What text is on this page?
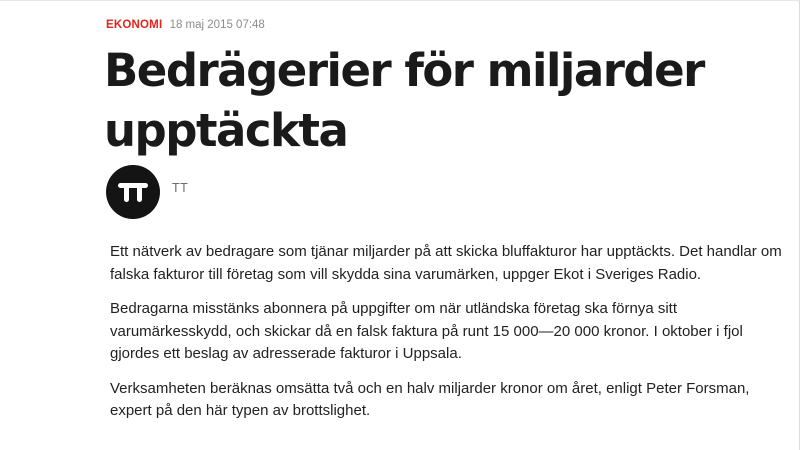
EKONOMI 18 maj 2015 07:48
Bedrägerier för miljarder upptäckta
TT

Ett nätverk av bedragare som tjänar miljarder på att skicka bluffakturor har upptäckts. Det handlar om falska fakturor till företag som vill skydda sina varumärken, uppger Ekot i Sveriges Radio.

Bedragarna misstänks abonnera på uppgifter om när utländska företag ska förnya sitt varumärkesskydd, och skickar då en falsk faktura på runt 15 000—20 000 kronor. I oktober i fjol gjordes ett beslag av adresserade fakturor i Uppsala.

Verksamheten beräknas omsätta två och en halv miljarder kronor om året, enligt Peter Forsman, expert på den här typen av brottslighet.
